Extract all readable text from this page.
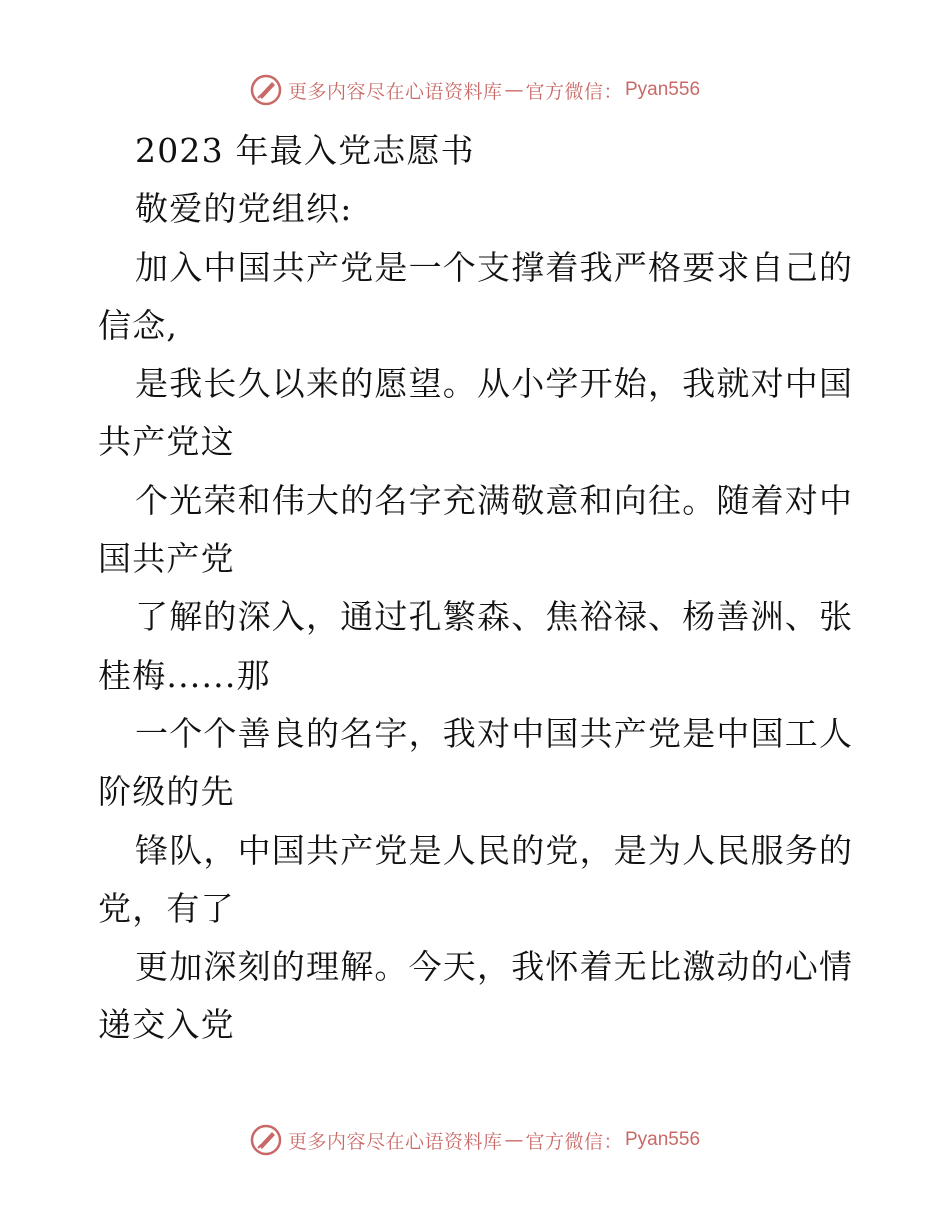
更多内容尽在心语资料库 — 官方微信： Pyan556
2023 年最入党志愿书
敬爱的党组织:
加入中国共产党是一个支撑着我严格要求自己的
信念,
是我长久以来的愿望。从小学开始，我就对中国
共产党这
个光荣和伟大的名字充满敬意和向往。随着对中
国共产党
了解的深入，通过孔繁森、焦裕禄、杨善洲、张
桂梅......那
一个个善良的名字，我对中国共产党是中国工人
阶级的先
锋队，中国共产党是人民的党，是为人民服务的
党，有了
更加深刻的理解。今天，我怀着无比激动的心情
递交入党
更多内容尽在心语资料库 — 官方微信： Pyan556
